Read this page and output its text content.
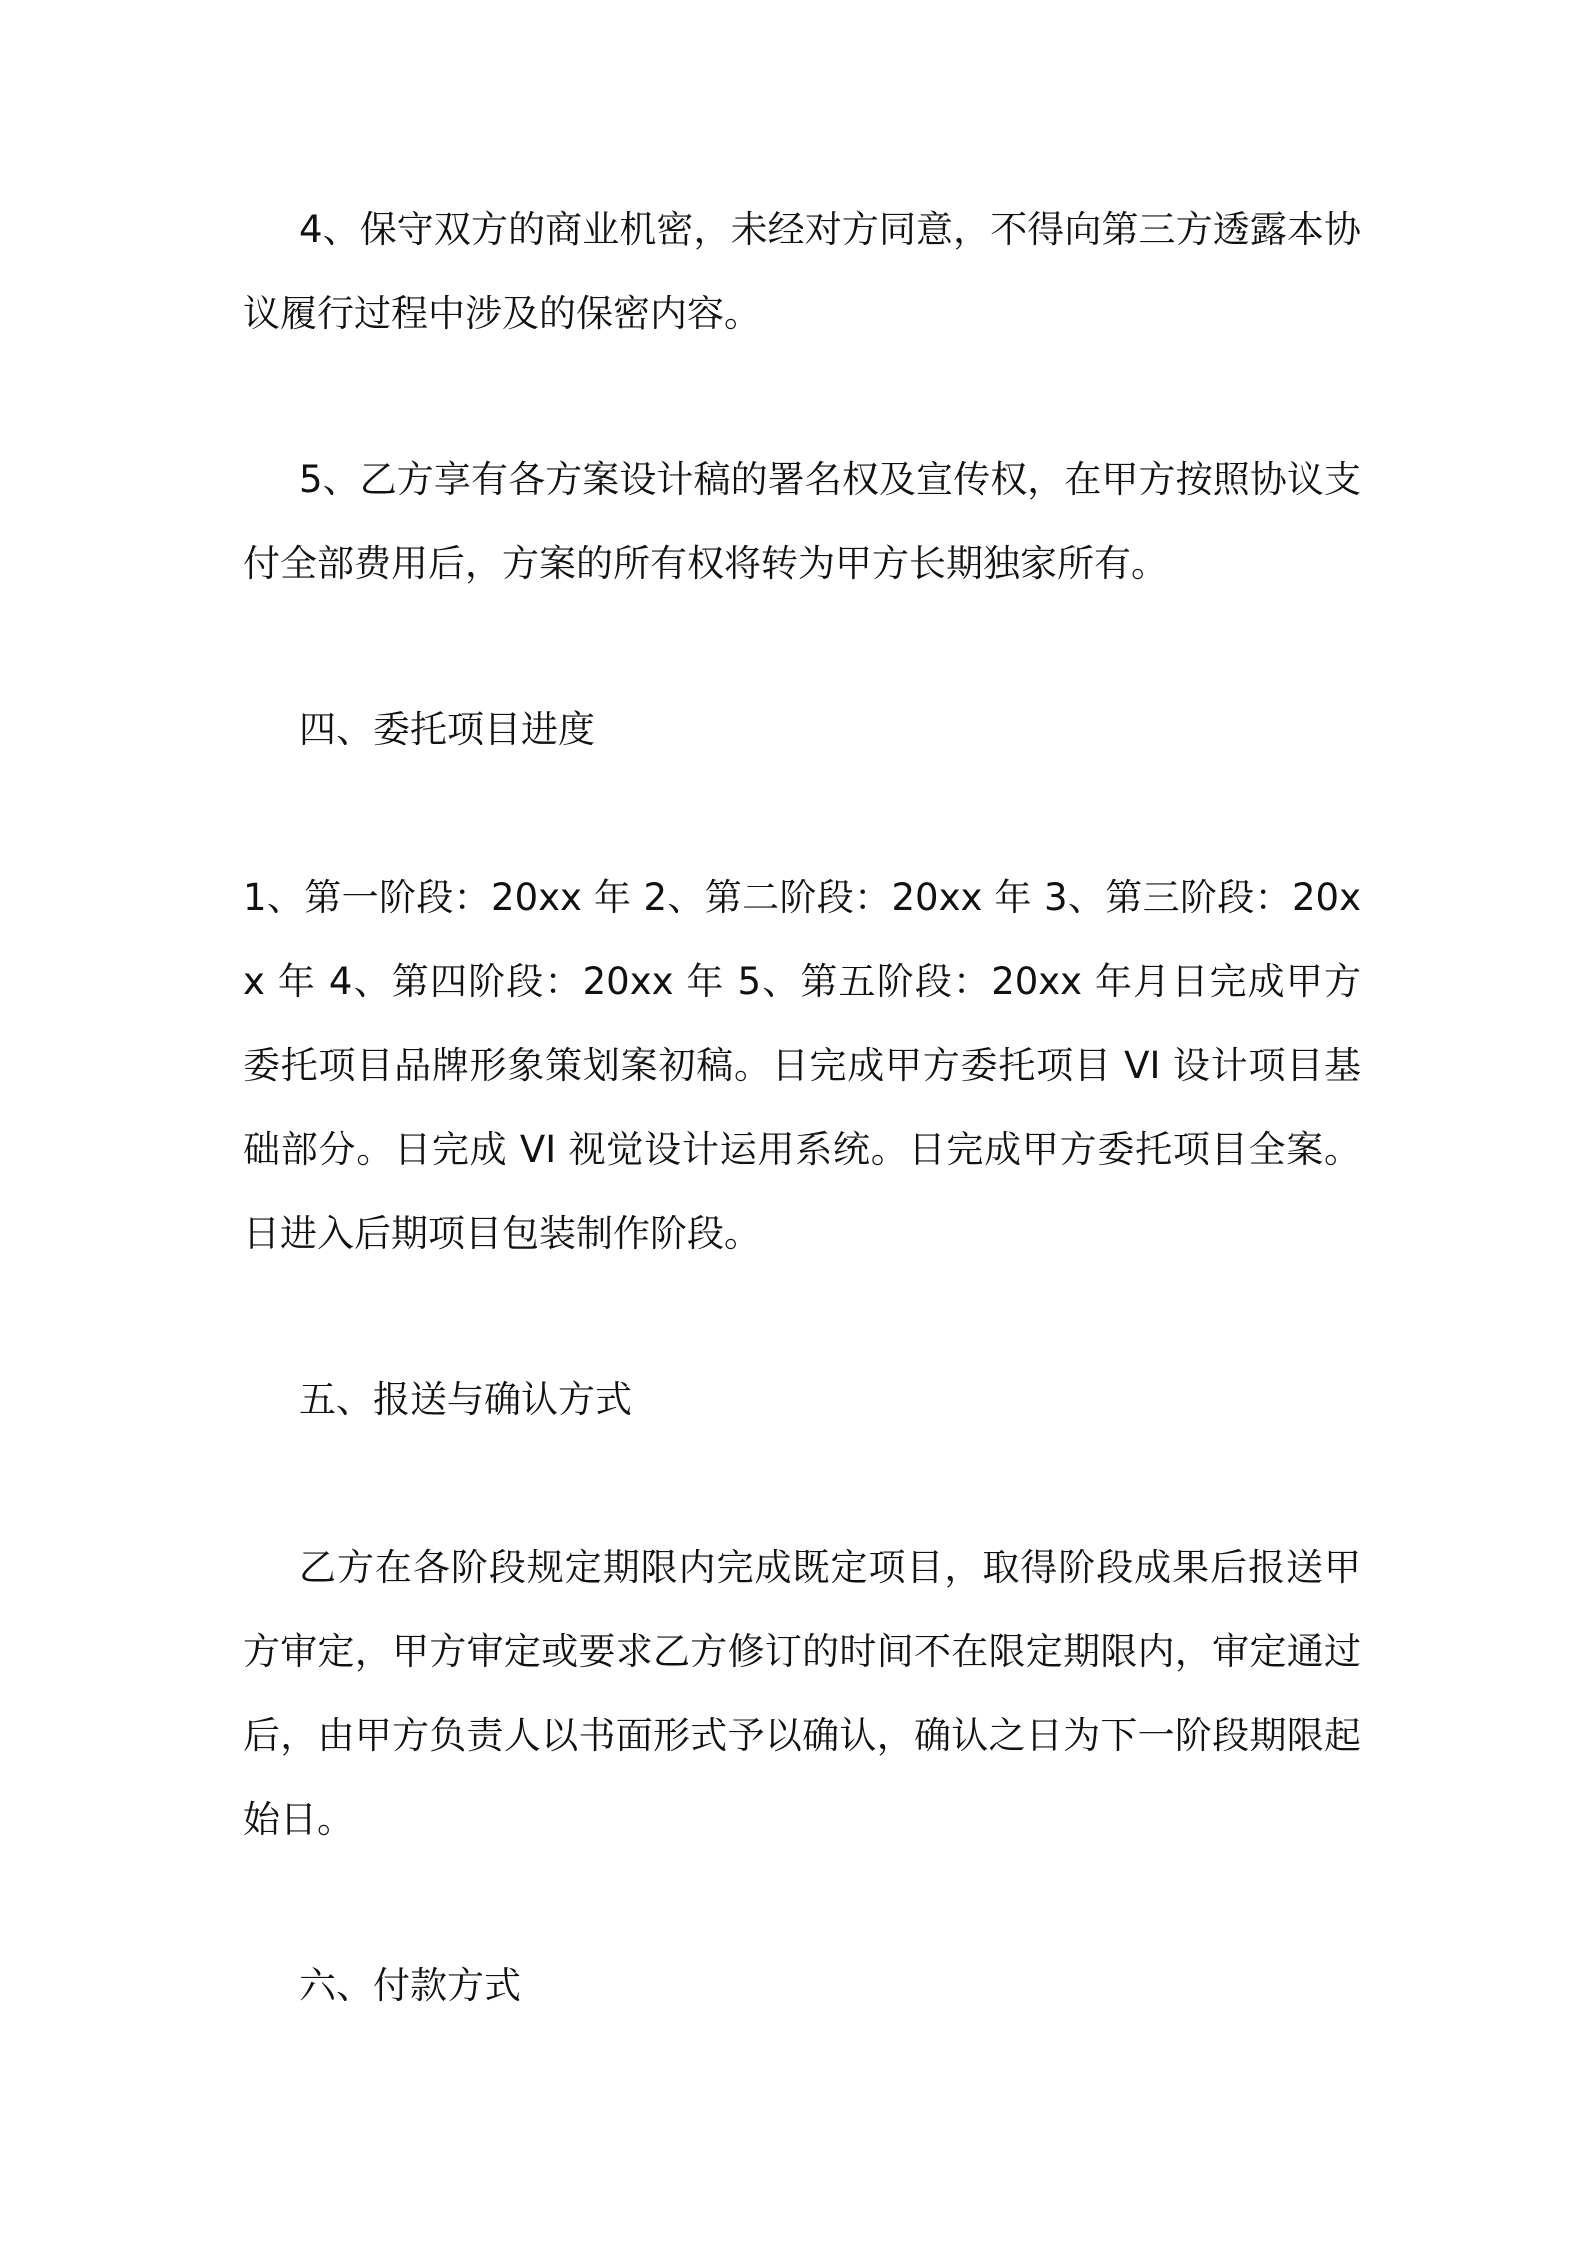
4、保守双方的商业机密，未经对方同意，不得向第三方透露本协议履行过程中涉及的保密内容。

5、乙方享有各方案设计稿的署名权及宣传权，在甲方按照协议支付全部费用后，方案的所有权将转为甲方长期独家所有。

四、委托项目进度

1、第一阶段：20xx 年 2、第二阶段：20xx 年 3、第三阶段：20xx 年 4、第四阶段：20xx 年 5、第五阶段：20xx 年月日完成甲方委托项目品牌形象策划案初稿。日完成甲方委托项目 VI 设计项目基础部分。日完成 VI 视觉设计运用系统。日完成甲方委托项目全案。日进入后期项目包装制作阶段。

五、报送与确认方式

乙方在各阶段规定期限内完成既定项目，取得阶段成果后报送甲方审定，甲方审定或要求乙方修订的时间不在限定期限内，审定通过后，由甲方负责人以书面形式予以确认，确认之日为下一阶段期限起始日。

六、付款方式
